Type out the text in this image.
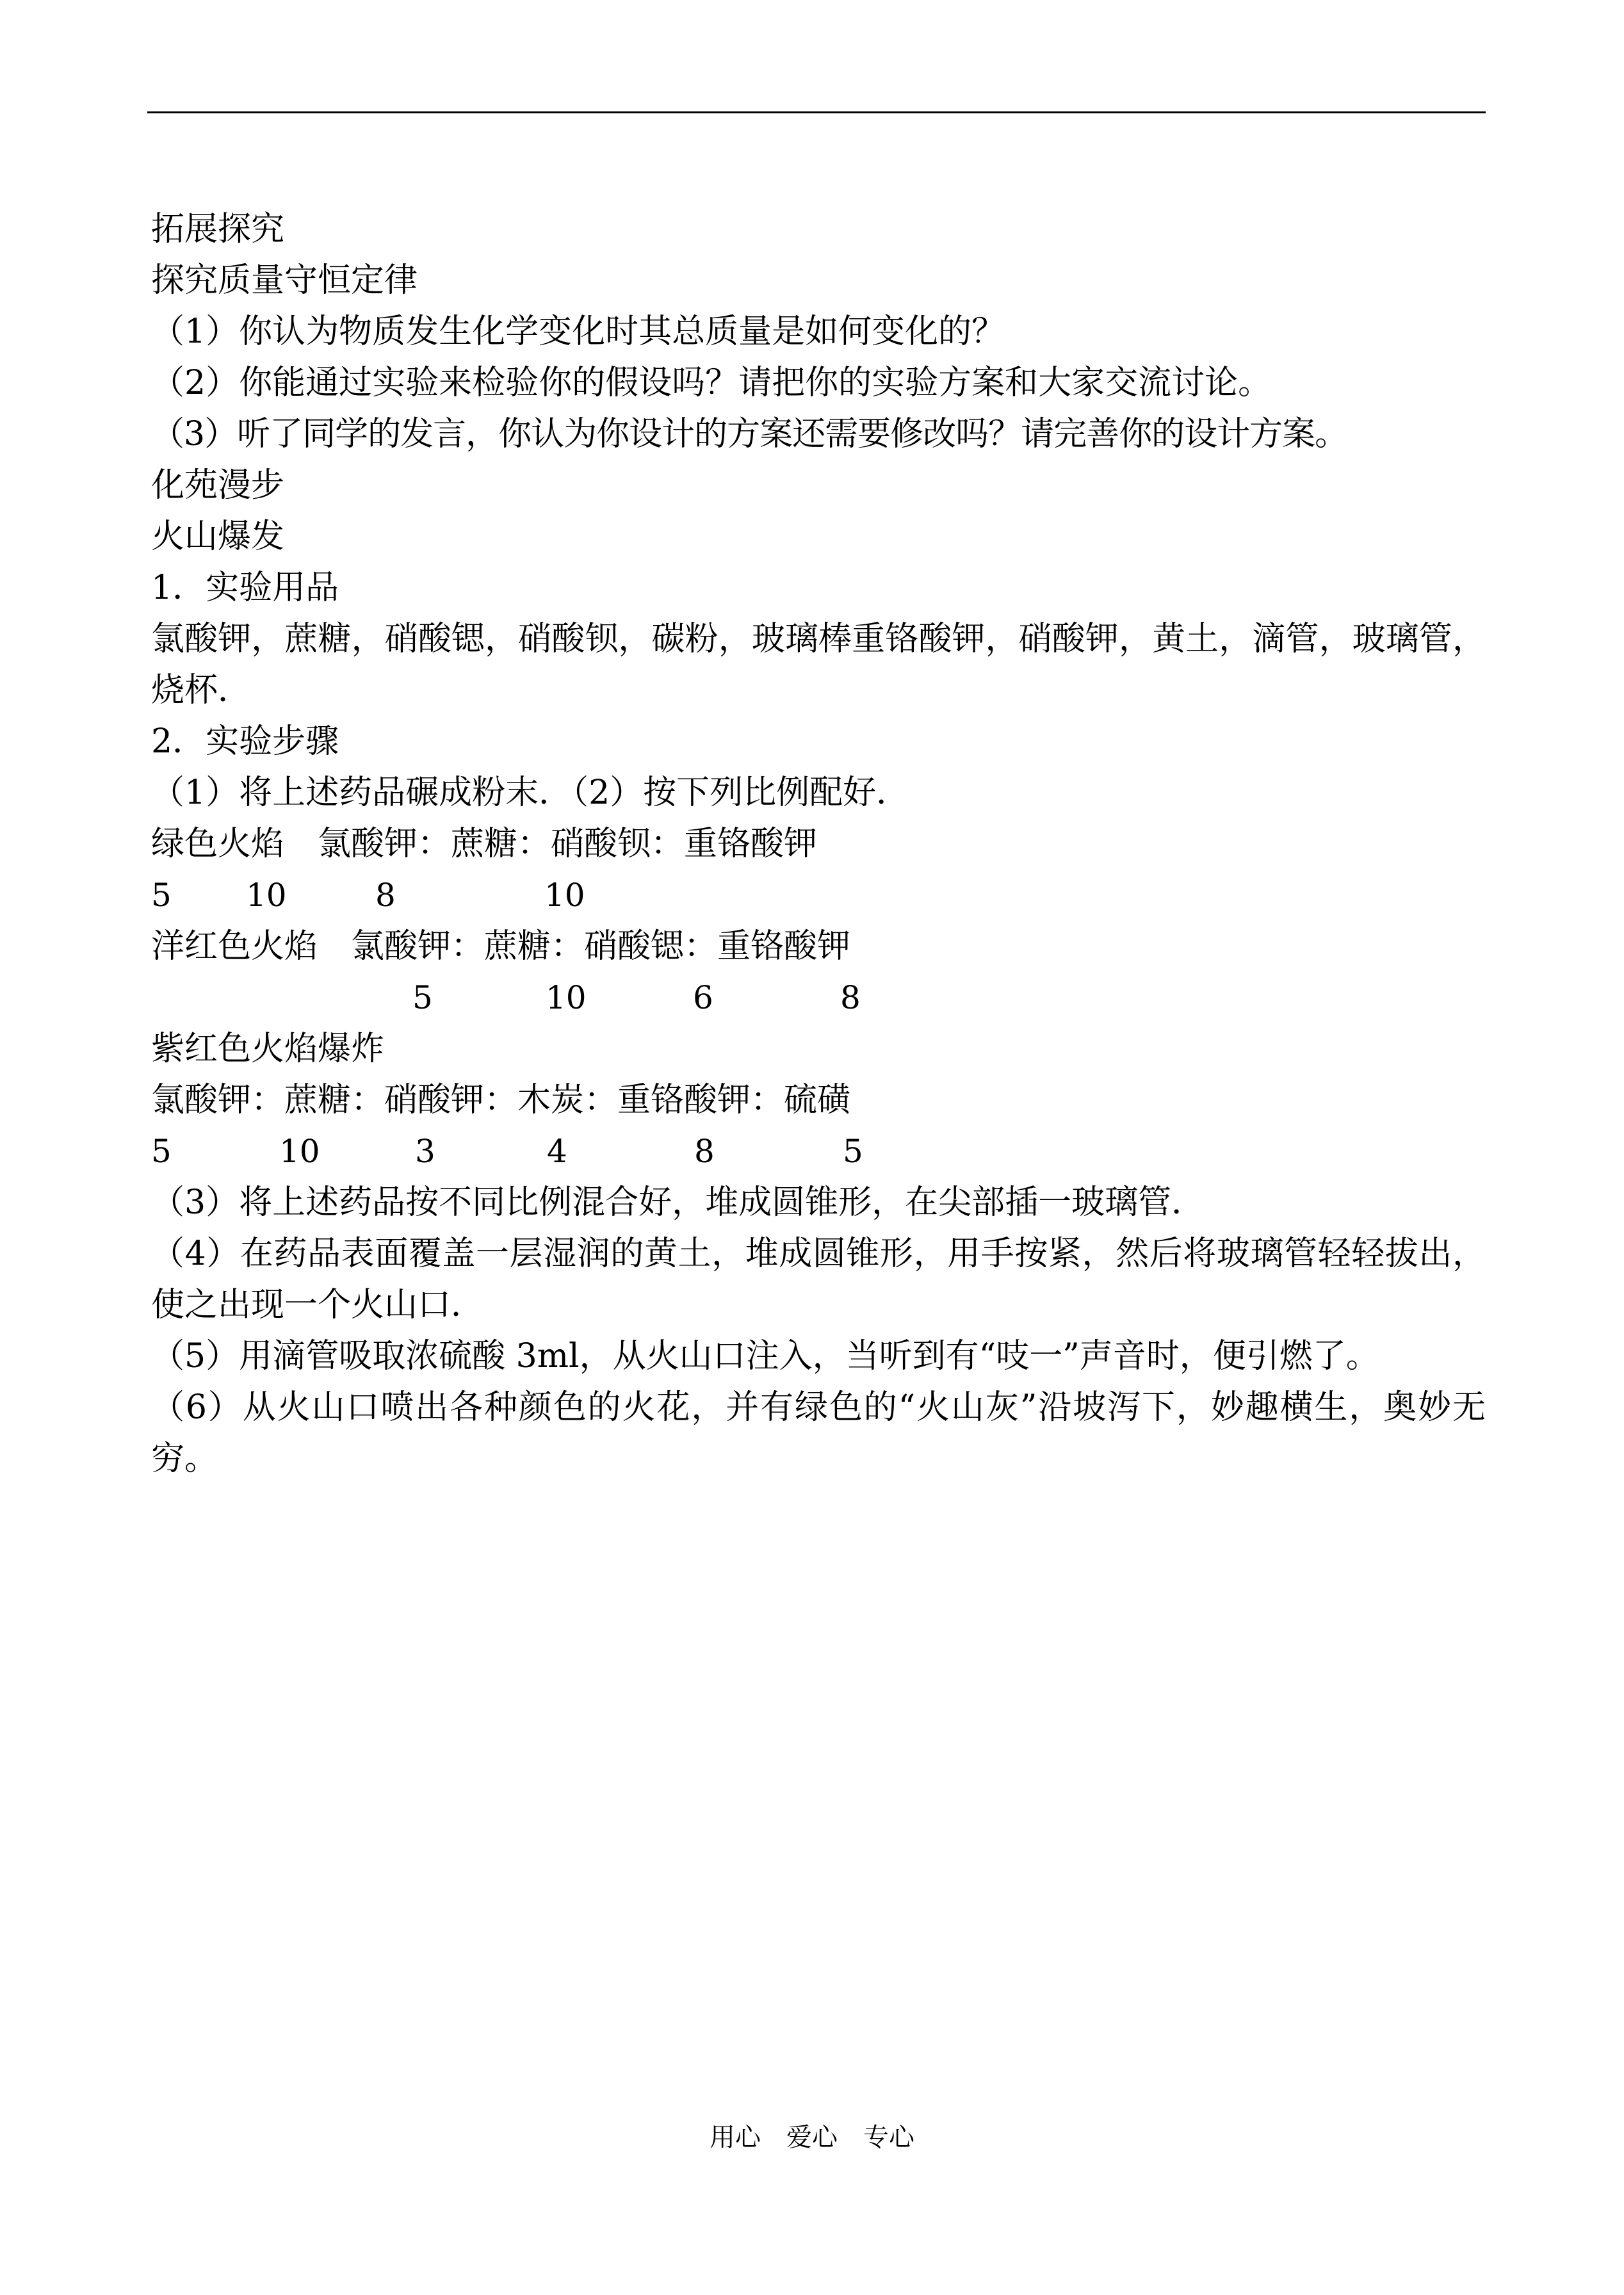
拓展探究
探究质量守恒定律
（1）你认为物质发生化学变化时其总质量是如何变化的？
（2）你能通过实验来检验你的假设吗？请把你的实验方案和大家交流讨论。
（3）听了同学的发言，你认为你设计的方案还需要修改吗？请完善你的设计方案。
化苑漫步
火山爆发
1．实验用品
氯酸钾，蔗糖，硝酸锶，硝酸钡，碳粉，玻璃棒重铬酸钾，硝酸钾，黄土，滴管，玻璃管，烧杯．
2．实验步骤
（1）将上述药品碾成粉末．（2）按下列比例配好．
绿色火焰　氯酸钾：蔗糖：硝酸钡：重铬酸钾
5 10	8	10
洋红色火焰　氯酸钾：蔗糖：硝酸锶：重铬酸钾
5	10	6	8
紫红色火焰爆炸
氯酸钾：蔗糖：硝酸钾：木炭：重铬酸钾：硫磺
5	10	3	4	8	5
（3）将上述药品按不同比例混合好，堆成圆锥形，在尖部插一玻璃管．
（4）在药品表面覆盖一层湿润的黄土，堆成圆锥形，用手按紧，然后将玻璃管轻轻拔出，使之出现一个火山口．
（5）用滴管吸取浓硫酸 3ml，从火山口注入，当听到有“吱一”声音时，便引燃了。
（6）从火山口喷出各种颜色的火花，并有绿色的“火山灰”沿坡泻下，妙趣横生，奥妙无穷。
用心　爱心　专心
